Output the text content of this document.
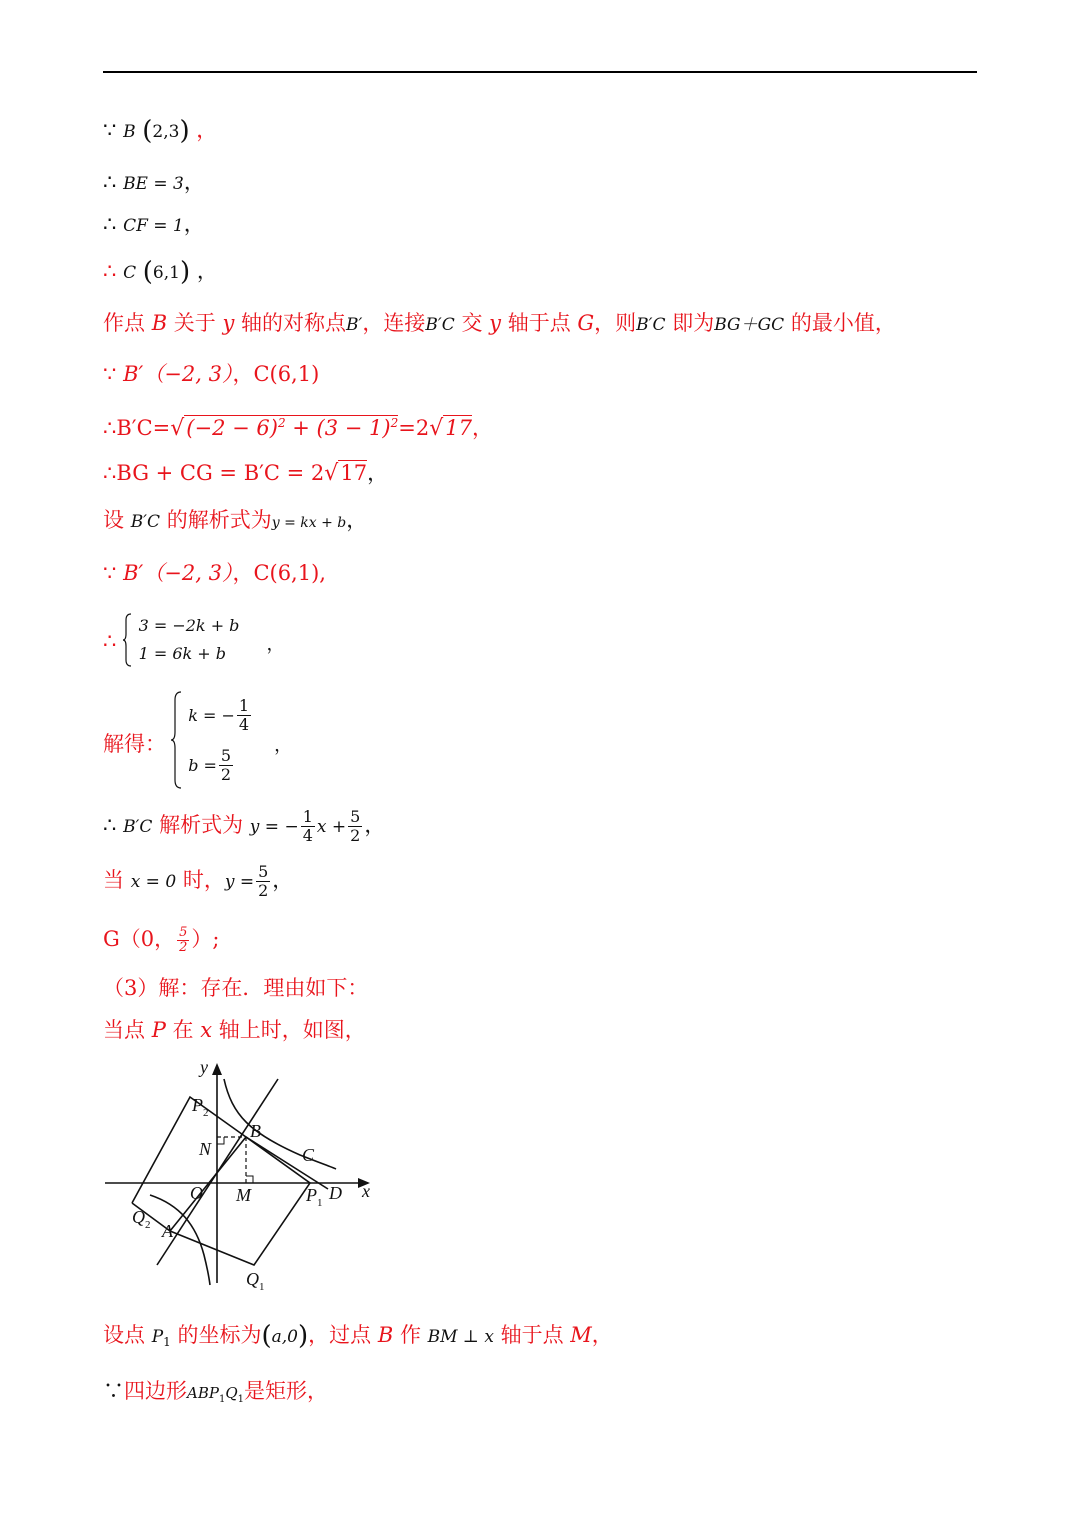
∵ B (2,3) ，
∴ BE = 3，
∴ CF = 1，
∴ C (6,1) ，
作点 B 关于 y 轴的对称点B′，连接B′C 交 y 轴于点 G，则B′C 即为BG＋GC 的最小值，
∵ B′（−2, 3），C(6,1)
∴B′C=√(−2 − $6)^2 + (3 - 1)^2=2√17$，
∴BG + CG = B′C = 2√17，
设 B′C 的解析式为y = kx + b，
∵ B′（−2, 3），C(6,1),
∴
3 = −2k + b
1 = 6k + b	，
解得：
k = − $\frac{1}{4}$
$b = \frac{5}{2}$
，
∴ B′C 解析式为 y = − $\frac{1}{4}$ $x + \frac{5}{2}$ ，
当 x = 0 时，$y = \frac{5}{2}$ ，
G（0， $\frac{5}{2}$ ）;
（3）解：存在．理由如下：
当点 P 在 x 轴上时，如图，
y
x
O
$P_2$
N
B
C
M	$P_1$ D
$Q_2$ A
$Q_1$
设点 $P_1$ 的坐标为(a,0)，过点 B 作 BM ⊥ x 轴于点 M，
∵四边形$ABP_1Q_1$是矩形，
